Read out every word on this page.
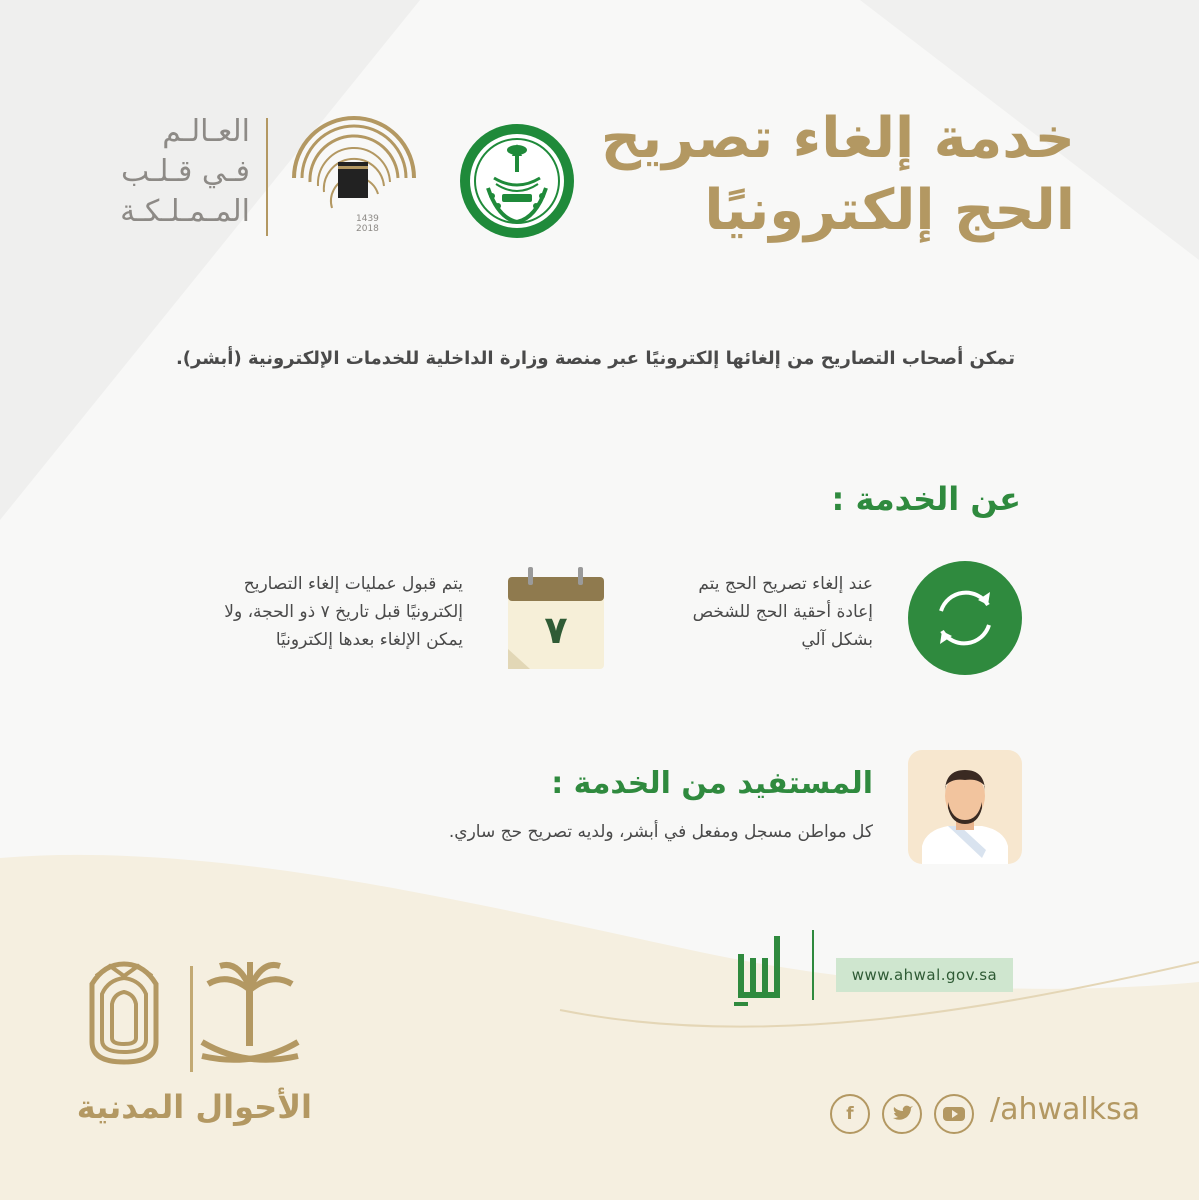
خدمة إلغاء تصريح
الحج إلكترونيًا
1439
2018
العـالـم
فـي قـلـب
المـمـلـكـة
تمكن أصحاب التصاريح من إلغائها إلكترونيًا عبر منصة وزارة الداخلية للخدمات الإلكترونية (أبشر).
عن الخدمة :
عند إلغاء تصريح الحج يتم
إعادة أحقية الحج للشخص
بشكل آلي
٧
يتم قبول عمليات إلغاء التصاريح
إلكترونيًا قبل تاريخ ٧ ذو الحجة، ولا
يمكن الإلغاء بعدها إلكترونيًا
المستفيد من الخدمة :
كل مواطن مسجل ومفعل في أبشر، ولديه تصريح حج ساري.
www.ahwal.gov.sa
الأحوال المدنية	f	/ahwalksa
